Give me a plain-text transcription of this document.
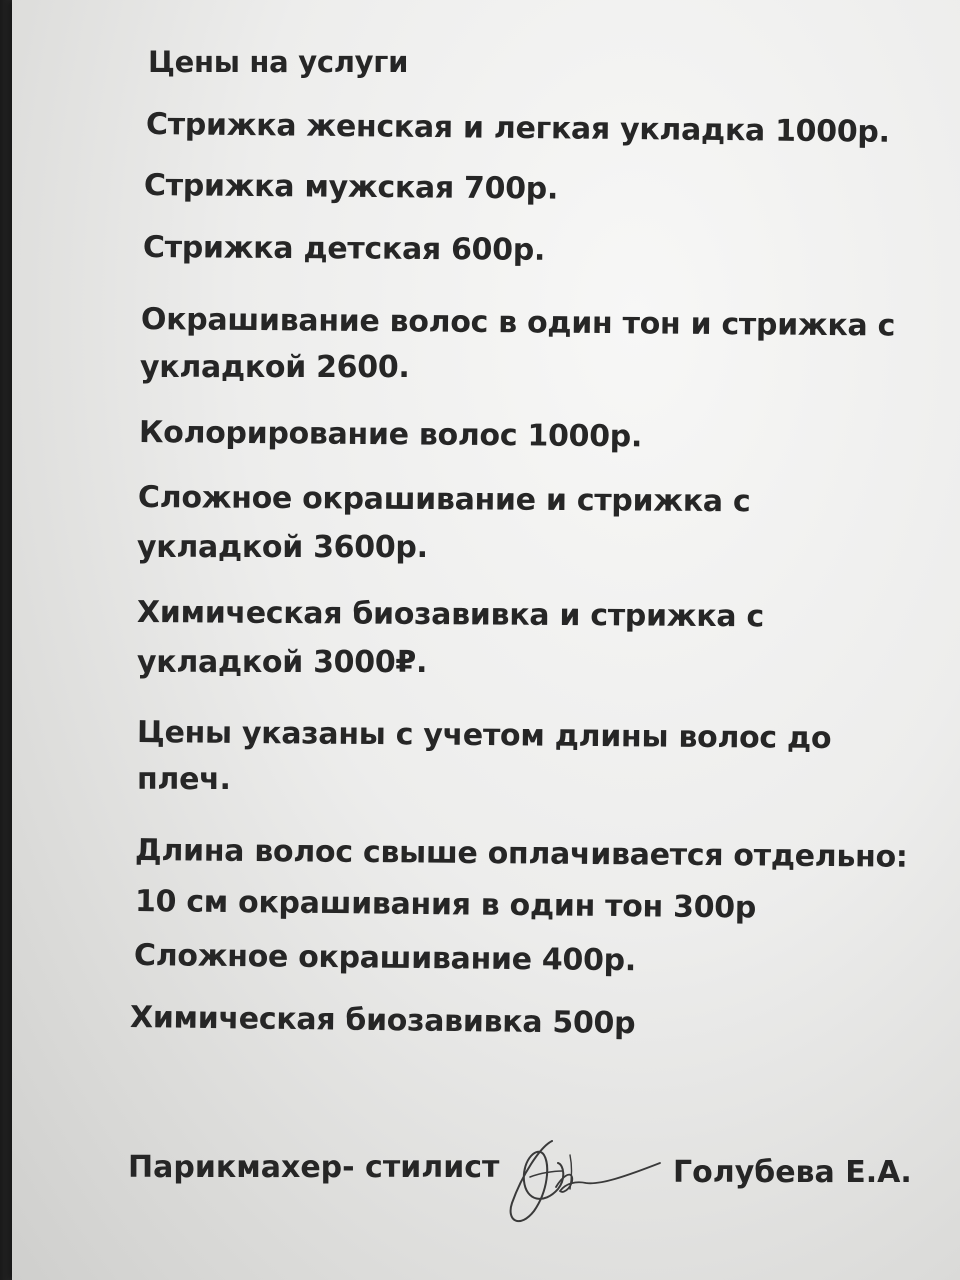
Цены на услуги
Стрижка женская и легкая укладка 1000р.
Стрижка мужская 700р.
Стрижка детская 600р.
Окрашивание волос в один тон и стрижка с
укладкой 2600.
Колорирование волос 1000р.
Сложное окрашивание и стрижка с
укладкой 3600р.
Химическая биозавивка и стрижка с
укладкой 3000₽.
Цены указаны с учетом длины волос до
плеч.
Длина волос свыше оплачивается отдельно:
10 см окрашивания в один тон 300р
Сложное окрашивание 400р.
Химическая биозавивка 500р
Парикмахер- стилист	Голубева Е.А.
